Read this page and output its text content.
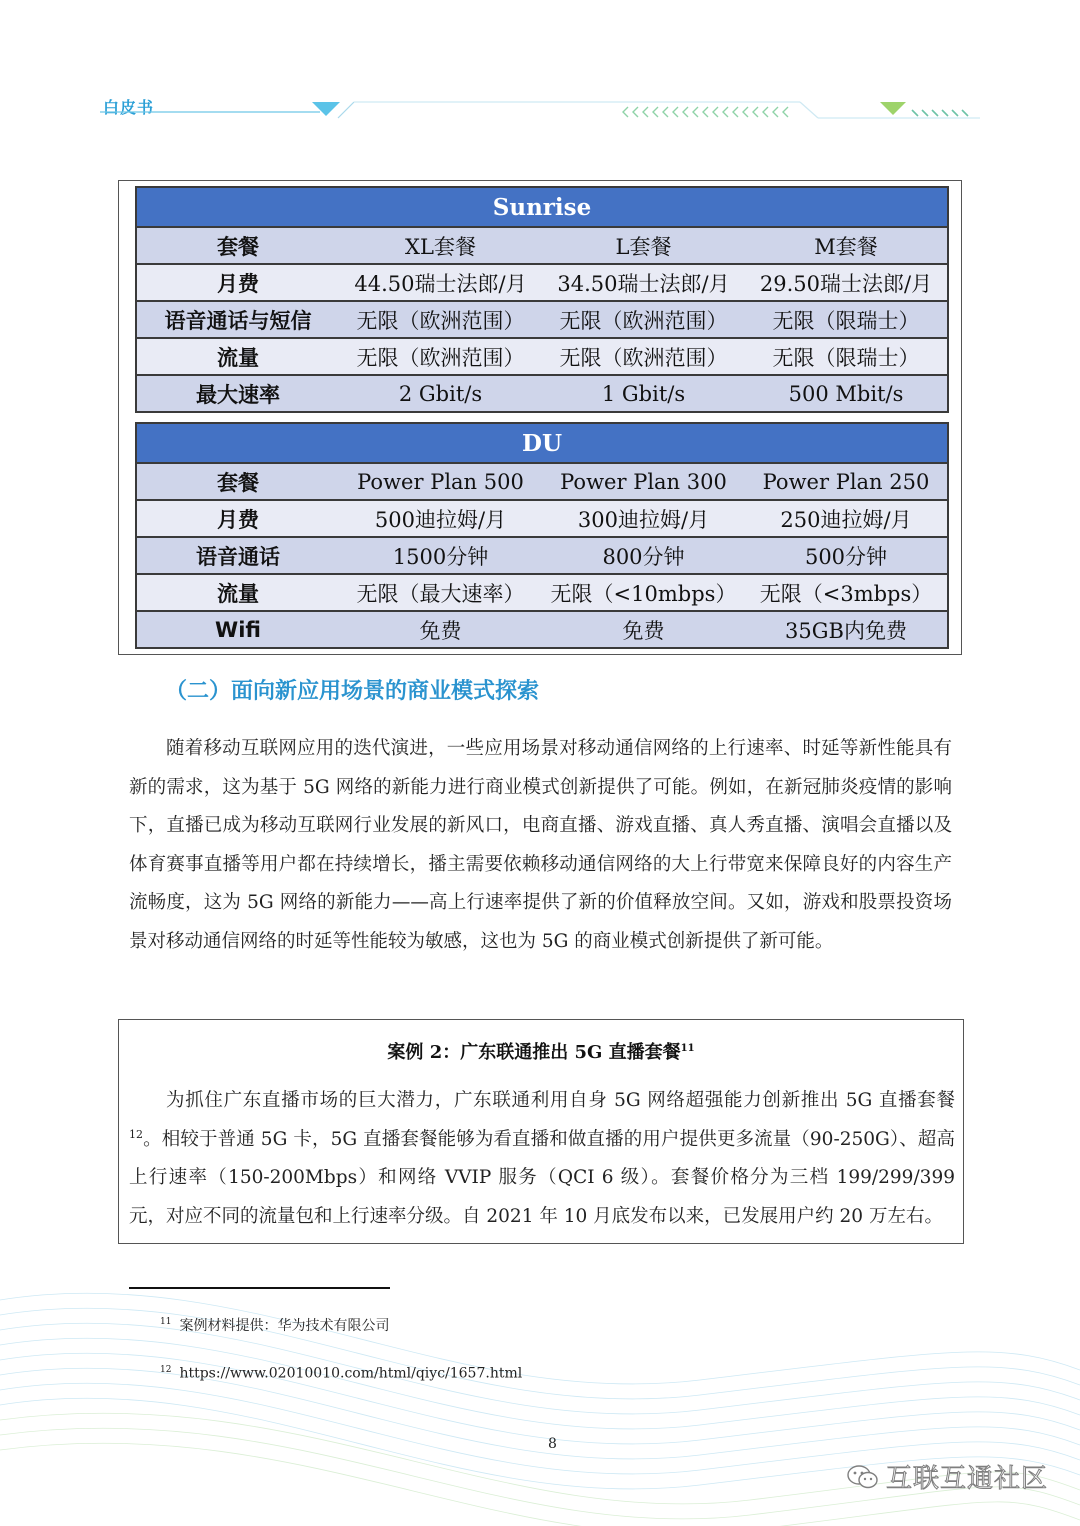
白皮书
Sunrise			
套餐	XL套餐	L套餐	M套餐
月费	44.50瑞士法郎/月	34.50瑞士法郎/月	29.50瑞士法郎/月
语音通话与短信	无限（欧洲范围）	无限（欧洲范围）	无限（限瑞士）
流量	无限（欧洲范围）	无限（欧洲范围）	无限（限瑞士）
最大速率	2 Gbit/s	1 Gbit/s	500 Mbit/s
DU			
套餐	Power Plan 500	Power Plan 300	Power Plan 250
月费	500迪拉姆/月	300迪拉姆/月	250迪拉姆/月
语音通话	1500分钟	800分钟	500分钟
流量	无限（最大速率）	无限（<10mbps）	无限（<3mbps）
Wifi	免费	免费	35GB内免费
（二）面向新应用场景的商业模式探索

随着移动互联网应用的迭代演进，一些应用场景对移动通信网络的上行速率、时延等新性能具有新的需求，这为基于 5G 网络的新能力进行商业模式创新提供了可能。例如，在新冠肺炎疫情的影响下，直播已成为移动互联网行业发展的新风口，电商直播、游戏直播、真人秀直播、演唱会直播以及体育赛事直播等用户都在持续增长，播主需要依赖移动通信网络的大上行带宽来保障良好的内容生产流畅度，这为 5G 网络的新能力——高上行速率提供了新的价值释放空间。又如，游戏和股票投资场景对移动通信网络的时延等性能较为敏感，这也为 5G 的商业模式创新提供了新可能。

案例 2：广东联通推出 5G 直播套餐$^{11}$

为抓住广东直播市场的巨大潜力，广东联通利用自身 5G 网络超强能力创新推出 5G 直播套餐$^{12}$。相较于普通 5G 卡，5G 直播套餐能够为看直播和做直播的用户提供更多流量（90-250G）、超高上行速率（150-200Mbps）和网络 VVIP 服务（QCI 6 级）。套餐价格分为三档 199/299/399 元，对应不同的流量包和上行速率分级。自 2021 年 10 月底发布以来，已发展用户约 20 万左右。

$^{11}$ 案例材料提供：华为技术有限公司
$^{12}$ https://www.02010010.com/html/qiyc/1657.html
8
互联互通社区
